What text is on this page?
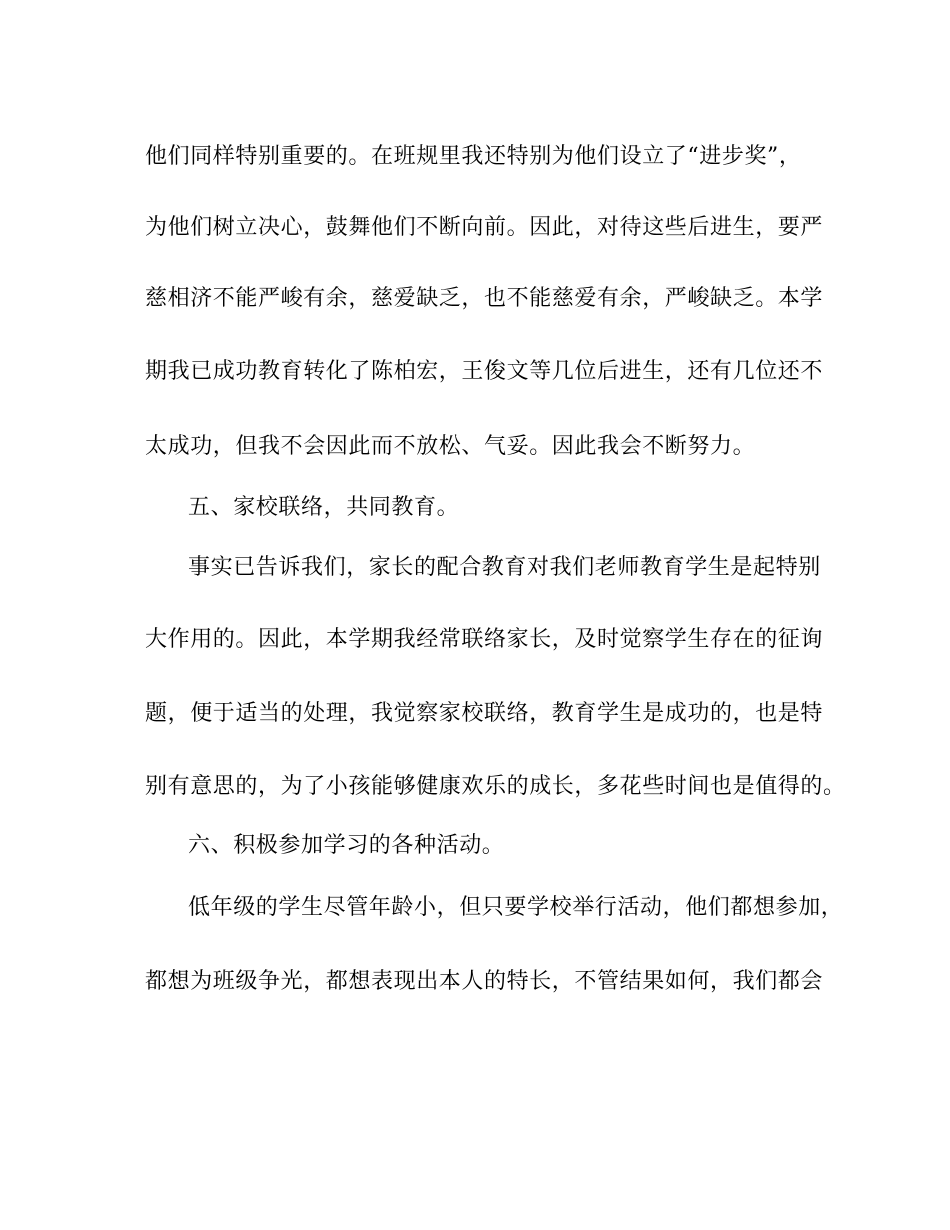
他们同样特别重要的。在班规里我还特别为他们设立了“进步奖”，
为他们树立决心，鼓舞他们不断向前。因此，对待这些后进生，要严
慈相济不能严峻有余，慈爱缺乏，也不能慈爱有余，严峻缺乏。本学
期我已成功教育转化了陈柏宏，王俊文等几位后进生，还有几位还不
太成功，但我不会因此而不放松、气妥。因此我会不断努力。
五、家校联络，共同教育。
事实已告诉我们，家长的配合教育对我们老师教育学生是起特别
大作用的。因此，本学期我经常联络家长，及时觉察学生存在的征询
题，便于适当的处理，我觉察家校联络，教育学生是成功的，也是特
别有意思的，为了小孩能够健康欢乐的成长，多花些时间也是值得的。
六、积极参加学习的各种活动。
低年级的学生尽管年龄小，但只要学校举行活动，他们都想参加，
都想为班级争光，都想表现出本人的特长，不管结果如何，我们都会
